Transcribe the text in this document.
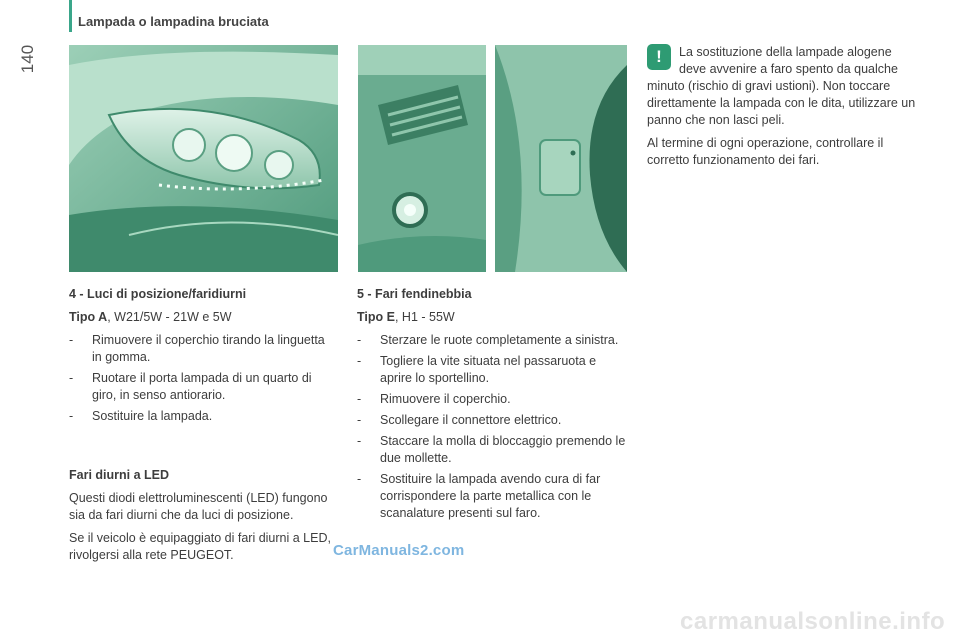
140
Lampada o lampadina bruciata
4 - Luci di posizione/faridiurni

Tipo A, W21/5W - 21W e 5W

- Rimuovere il coperchio tirando la linguetta in gomma.
- Ruotare il porta lampada di un quarto di giro, in senso antiorario.
- Sostituire la lampada.
Fari diurni a LED

Questi diodi elettroluminescenti (LED) fungono sia da fari diurni che da luci di posizione.

Se il veicolo è equipaggiato di fari diurni a LED, rivolgersi alla rete PEUGEOT.

5 - Fari fendinebbia

Tipo E, H1 - 55W

- Sterzare le ruote completamente a sinistra.
- Togliere la vite situata nel passaruota e aprire lo sportellino.
- Rimuovere il coperchio.
- Scollegare il connettore elettrico.
- Staccare la molla di bloccaggio premendo le due mollette.
- Sostituire la lampada avendo cura di far corrispondere la parte metallica con le scanalature presenti sul faro.
!	La sostituzione della lampade alogene deve avvenire a faro spento da qualche minuto (rischio di gravi ustioni). Non toccare direttamente la lampada con le dita, utilizzare un panno che non lasci peli.

Al termine di ogni operazione, controllare il corretto funzionamento dei fari.

CarManuals2.com
carmanualsonline.info
